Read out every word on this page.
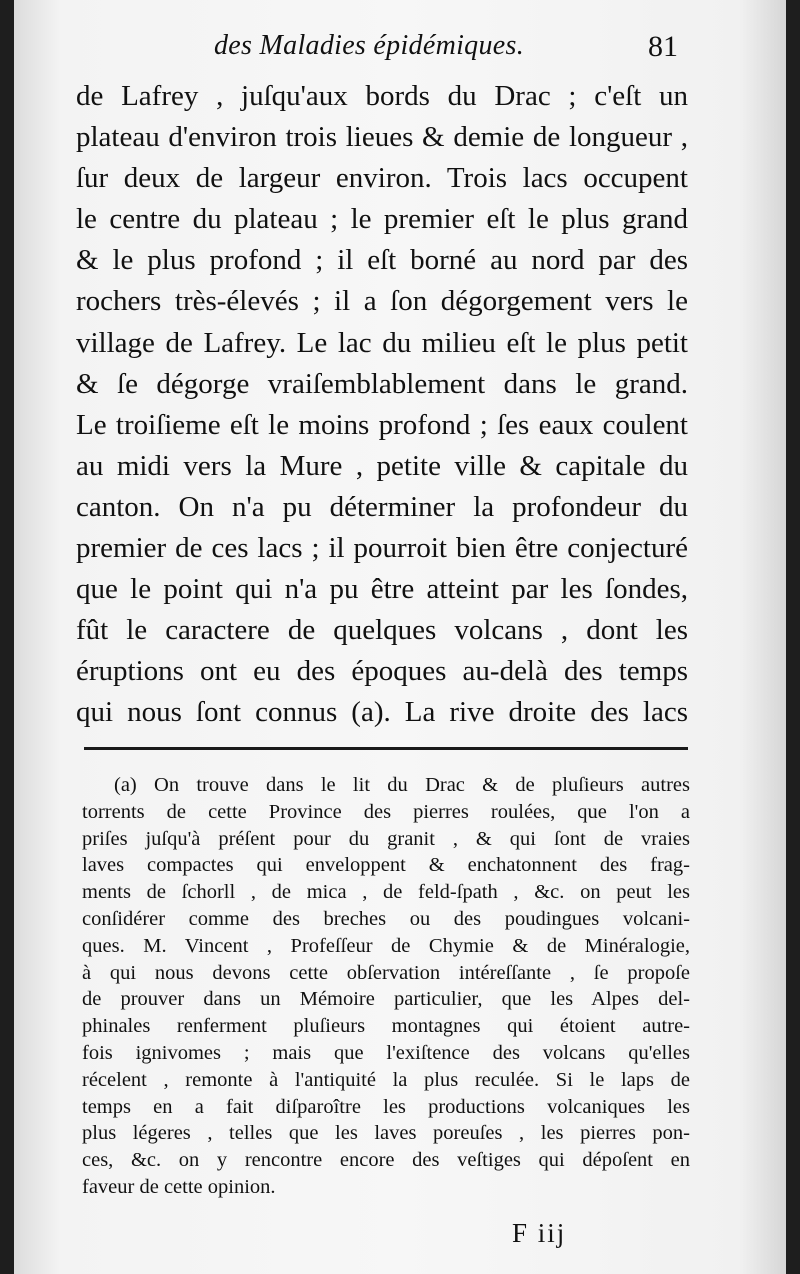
des Maladies épidémiques.	81
de Lafrey , juſqu'aux bords du Drac ; c'eſt un
plateau d'environ trois lieues & demie de longueur ,
ſur deux de largeur environ. Trois lacs occupent
le centre du plateau ; le premier eſt le plus grand
& le plus profond ; il eſt borné au nord par des
rochers très-élevés ; il a ſon dégorgement vers le
village de Lafrey. Le lac du milieu eſt le plus petit
& ſe dégorge vraiſemblablement dans le grand.
Le troiſieme eſt le moins profond ; ſes eaux coulent
au midi vers la Mure , petite ville & capitale du
canton. On n'a pu déterminer la profondeur du
premier de ces lacs ; il pourroit bien être conjecturé
que le point qui n'a pu être atteint par les ſondes,
fût le caractere de quelques volcans , dont les
éruptions ont eu des époques au-delà des temps
qui nous ſont connus (a). La rive droite des lacs
(a) On trouve dans le lit du Drac & de pluſieurs autres
torrents de cette Province des pierres roulées, que l'on a
priſes juſqu'à préſent pour du granit , & qui ſont de vraies
laves compactes qui enveloppent & enchatonnent des frag-
ments de ſchorll , de mica , de feld-ſpath , &c. on peut les
conſidérer comme des breches ou des poudingues volcani-
ques. M. Vincent , Profeſſeur de Chymie & de Minéralogie,
à qui nous devons cette obſervation intéreſſante , ſe propoſe
de prouver dans un Mémoire particulier, que les Alpes del-
phinales renferment pluſieurs montagnes qui étoient autre-
fois ignivomes ; mais que l'exiſtence des volcans qu'elles
récelent , remonte à l'antiquité la plus reculée. Si le laps de
temps en a fait diſparoître les productions volcaniques les
plus légeres , telles que les laves poreuſes , les pierres pon-
ces, &c. on y rencontre encore des veſtiges qui dépoſent en
faveur de cette opinion.
F iij
